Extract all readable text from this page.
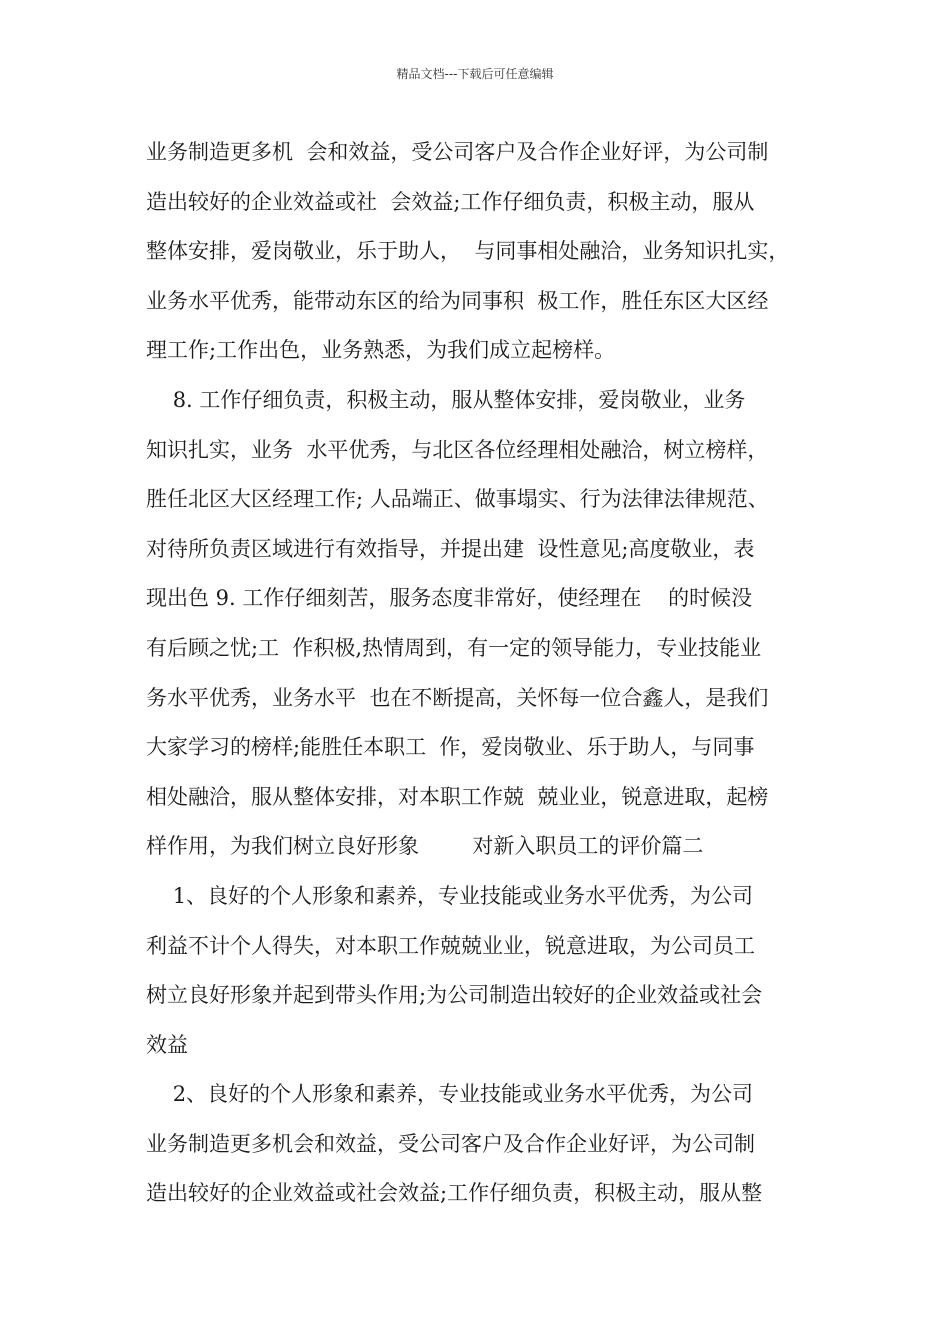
精品文档---下载后可任意编辑
业务制造更多机  会和效益，受公司客户及合作企业好评，为公司制
造出较好的企业效益或社  会效益;工作仔细负责，积极主动，服从
整体安排，爱岗敬业，乐于助人，  与同事相处融洽，业务知识扎实，
业务水平优秀，能带动东区的给为同事积  极工作，胜任东区大区经
理工作;工作出色，业务熟悉，为我们成立起榜样。
8. 工作仔细负责，积极主动，服从整体安排，爱岗敬业，业务
知识扎实，业务  水平优秀，与北区各位经理相处融洽，树立榜样，
胜任北区大区经理工作; 人品端正、做事塌实、行为法律法律规范、
对待所负责区域进行有效指导，并提出建  设性意见;高度敬业，表
现出色 9. 工作仔细刻苦，服务态度非常好，使经理在    的时候没
有后顾之忧;工  作积极,热情周到，有一定的领导能力，专业技能业
务水平优秀，业务水平  也在不断提高，关怀每一位合鑫人，是我们
大家学习的榜样;能胜任本职工  作，爱岗敬业、乐于助人，与同事
相处融洽，服从整体安排，对本职工作兢  兢业业，锐意进取，起榜
样作用，为我们树立良好形象        对新入职员工的评价篇二
1、良好的个人形象和素养，专业技能或业务水平优秀，为公司
利益不计个人得失，对本职工作兢兢业业，锐意进取，为公司员工
树立良好形象并起到带头作用;为公司制造出较好的企业效益或社会
效益
2、良好的个人形象和素养，专业技能或业务水平优秀，为公司
业务制造更多机会和效益，受公司客户及合作企业好评，为公司制
造出较好的企业效益或社会效益;工作仔细负责，积极主动，服从整
